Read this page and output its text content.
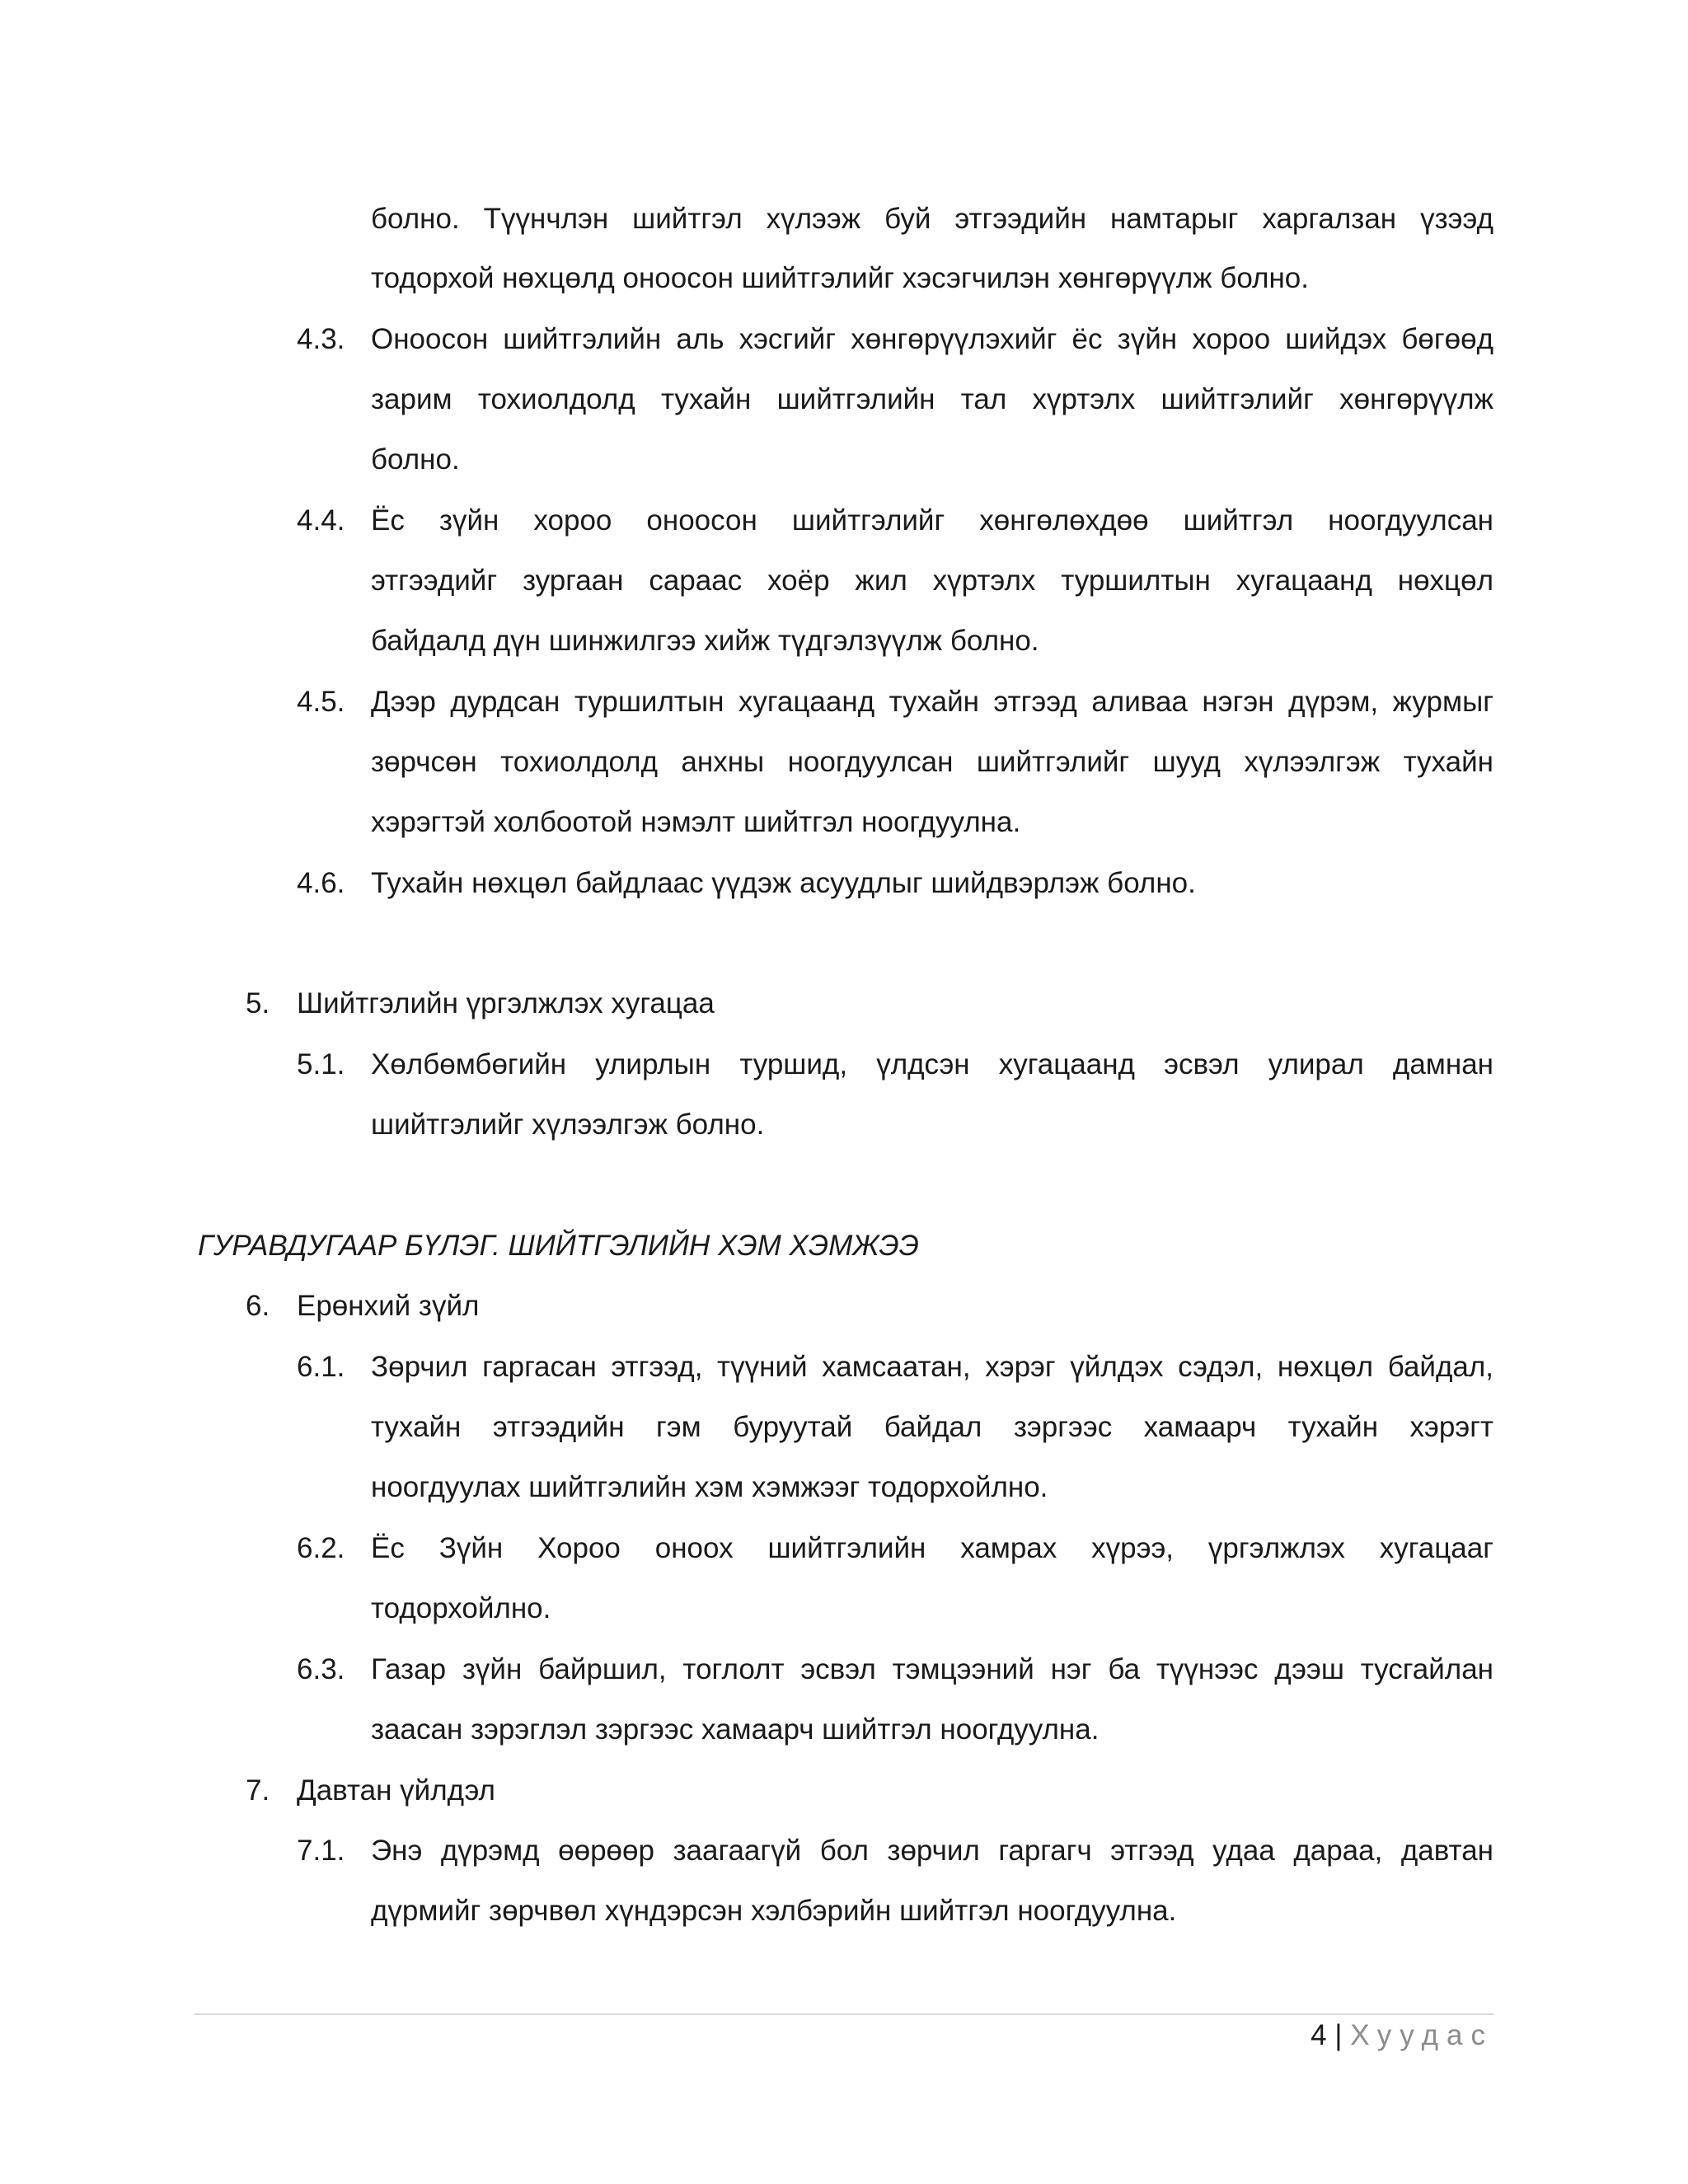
болно. Түүнчлэн шийтгэл хүлээж буй этгээдийн намтарыг харгалзан үзээд
тодорхой нөхцөлд оноосон шийтгэлийг хэсэгчилэн хөнгөрүүлж болно.
4.3. Оноосон шийтгэлийн аль хэсгийг хөнгөрүүлэхийг ёс зүйн хороо шийдэх бөгөөд
зарим тохиолдолд тухайн шийтгэлийн тал хүртэлх шийтгэлийг хөнгөрүүлж
болно.
4.4. Ёс зүйн хороо оноосон шийтгэлийг хөнгөлөхдөө шийтгэл ноогдуулсан
этгээдийг зургаан сараас хоёр жил хүртэлх туршилтын хугацаанд нөхцөл
байдалд дүн шинжилгээ хийж түдгэлзүүлж болно.
4.5. Дээр дурдсан туршилтын хугацаанд тухайн этгээд аливаа нэгэн дүрэм, журмыг
зөрчсөн тохиолдолд анхны ноогдуулсан шийтгэлийг шууд хүлээлгэж тухайн
хэрэгтэй холбоотой нэмэлт шийтгэл ноогдуулна.
4.6. Тухайн нөхцөл байдлаас үүдэж асуудлыг шийдвэрлэж болно.
5. Шийтгэлийн үргэлжлэх хугацаа
5.1. Хөлбөмбөгийн улирлын туршид, үлдсэн хугацаанд эсвэл улирал дамнан
шийтгэлийг хүлээлгэж болно.
ГУРАВДУГААР БҮЛЭГ. ШИЙТГЭЛИЙН ХЭМ ХЭМЖЭЭ
6. Ерөнхий зүйл
6.1. Зөрчил гаргасан этгээд, түүний хамсаатан, хэрэг үйлдэх сэдэл, нөхцөл байдал,
тухайн этгээдийн гэм буруутай байдал зэргээс хамаарч тухайн хэрэгт
ноогдуулах шийтгэлийн хэм хэмжээг тодорхойлно.
6.2. Ёс Зүйн Хороо оноох шийтгэлийн хамрах хүрээ, үргэлжлэх хугацааг
тодорхойлно.
6.3. Газар зүйн байршил, тоглолт эсвэл тэмцээний нэг ба түүнээс дээш тусгайлан
заасан зэрэглэл зэргээс хамаарч шийтгэл ноогдуулна.
7. Давтан үйлдэл
7.1. Энэ дүрэмд өөрөөр заагаагүй бол зөрчил гаргагч этгээд удаа дараа, давтан
дүрмийг зөрчвөл хүндэрсэн хэлбэрийн шийтгэл ноогдуулна.
4 | Хуудас
